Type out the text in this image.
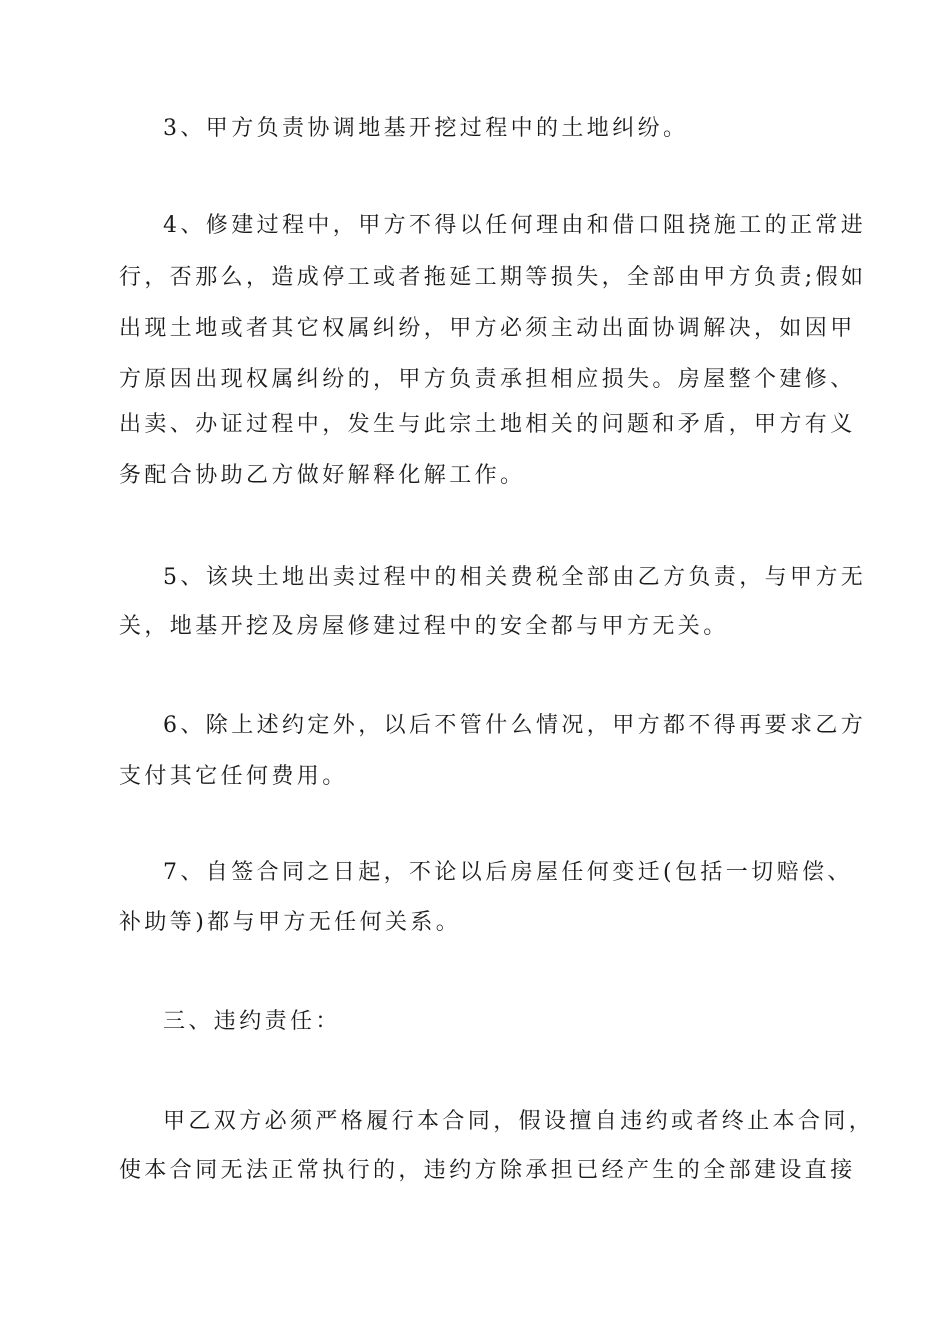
3、甲方负责协调地基开挖过程中的土地纠纷。
4、修建过程中，甲方不得以任何理由和借口阻挠施工的正常进
行，否那么，造成停工或者拖延工期等损失，全部由甲方负责;假如
出现土地或者其它权属纠纷，甲方必须主动出面协调解决，如因甲
方原因出现权属纠纷的，甲方负责承担相应损失。房屋整个建修、
出卖、办证过程中，发生与此宗土地相关的问题和矛盾，甲方有义
务配合协助乙方做好解释化解工作。
5、该块土地出卖过程中的相关费税全部由乙方负责，与甲方无
关，地基开挖及房屋修建过程中的安全都与甲方无关。
6、除上述约定外，以后不管什么情况，甲方都不得再要求乙方
支付其它任何费用。
7、自签合同之日起，不论以后房屋任何变迁(包括一切赔偿、
补助等)都与甲方无任何关系。
三、违约责任：
甲乙双方必须严格履行本合同，假设擅自违约或者终止本合同，
使本合同无法正常执行的，违约方除承担已经产生的全部建设直接
